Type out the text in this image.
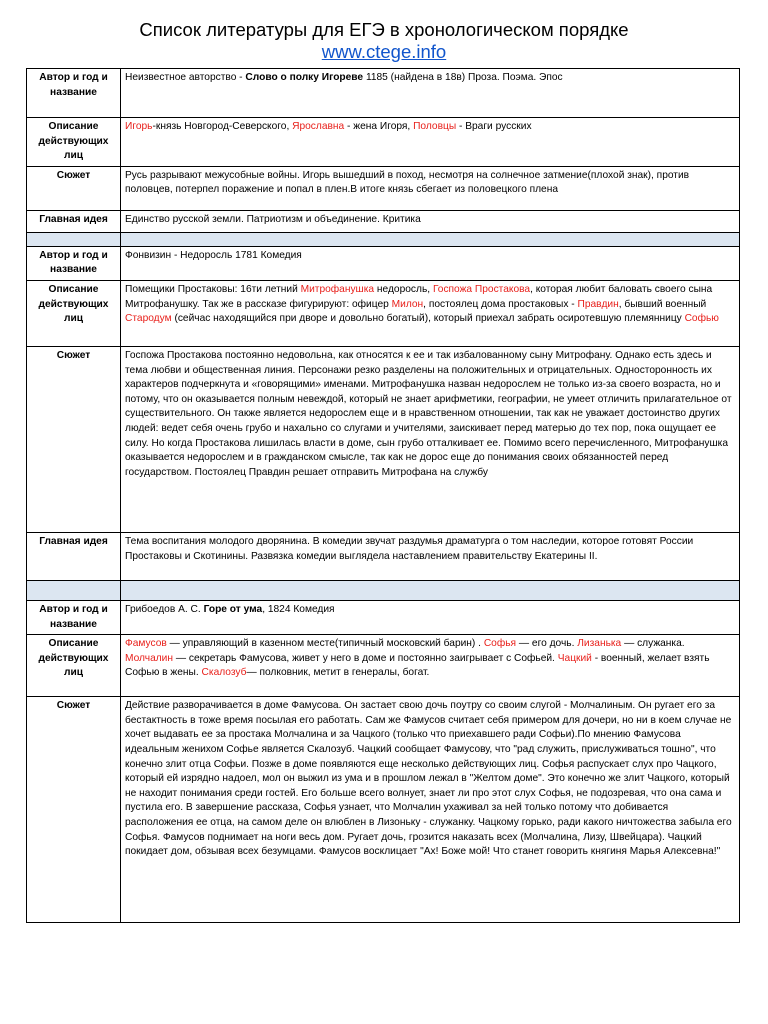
Список литературы для ЕГЭ в хронологическом порядке
www.ctege.info
Автор и год и название	Неизвестное авторство - Слово о полку Игореве 1185 (найдена в 18в) Проза. Поэма. Эпос
Описание действующих лиц	Игорь-князь Новгород-Северского, Ярославна - жена Игоря, Половцы - Враги русских
Сюжет	Русь разрывают межусобные войны. Игорь вышедший в поход, несмотря на солнечное затмение(плохой знак), против половцев, потерпел поражение и попал в плен.В итоге князь сбегает из половецкого плена
Главная идея	Единство русской земли. Патриотизм и объединение. Критика

Автор и год и название	Фонвизин - Недоросль 1781 Комедия
Описание действующих лиц	Помещики Простаковы: 16ти летний Митрофанушка недоросль, Госпожа Простакова, которая любит баловать своего сына Митрофанушку. Так же в рассказе фигурируют: офицер Милон, постоялец дома простаковых - Правдин, бывший военный Стародум (сейчас находящийся при дворе и довольно богатый), который приехал забрать осиротевшую племянницу Софью
Сюжет	Госпожа Простакова постоянно недовольна, как относятся к ее и так избалованному сыну Митрофану. Однако есть здесь и тема любви и общественная линия. Персонажи резко разделены на положительных и отрицательных. Односторонность их характеров подчеркнута и «говорящими» именами. Митрофанушка назван недорослем не только из-за своего возраста, но и потому, что он оказывается полным невеждой, который не знает арифметики, географии, не умеет отличить прилагательное от существительного. Он также является недорослем еще и в нравственном отношении, так как не уважает достоинство других людей: ведет себя очень грубо и нахально со слугами и учителями, заискивает перед матерью до тех пор, пока ощущает ее силу. Но когда Простакова лишилась власти в доме, сын грубо отталкивает ее. Помимо всего перечисленного, Митрофанушка оказывается недорослем и в гражданском смысле, так как не дорос еще до понимания своих обязанностей перед государством. Постоялец Правдин решает отправить Митрофана на службу
Главная идея	Тема воспитания молодого дворянина. В комедии звучат раздумья драматурга о том наследии, которое готовят России Простаковы и Скотинины. Развязка комедии выглядела наставлением правительству Екатерины II.

Автор и год и название	Грибоедов А. С. Горе от ума, 1824 Комедия
Описание действующих лиц	Фамусов — управляющий в казенном месте(типичный московский барин) . Софья — его дочь. Лизанька — служанка. Молчалин — секретарь Фамусова, живет у него в доме и постоянно заигрывает с Софьей. Чацкий - военный, желает взять Софью в жены. Скалозуб— полковник, метит в генералы, богат.
Сюжет	Действие разворачивается в доме Фамусова. Он застает свою дочь поутру со своим слугой - Молчалиным. Он ругает его за бестактность в тоже время посылая его работать. Сам же Фамусов считает себя примером для дочери, но ни в коем случае не хочет выдавать ее за простака Молчалина и за Чацкого (только что приехавшего ради Софьи).По мнению Фамусова идеальным женихом Софье является Скалозуб. Чацкий сообщает Фамусову, что "рад служить, прислуживаться тошно", что конечно злит отца Софьи. Позже в доме появляются еще несколько действующих лиц. Софья распускает слух про Чацкого, который ей изрядно надоел, мол он выжил из ума и в прошлом лежал в "Желтом доме". Это конечно же злит Чацкого, который не находит понимания среди гостей. Его больше всего волнует, знает ли про этот слух Софья, не подозревая, что она сама и пустила его. В завершение рассказа, Софья узнает, что Молчалин ухаживал за ней только потому что добивается расположения ее отца, на самом деле он влюблен в Лизоньку - служанку. Чацкому горько, ради какого ничтожества забыла его Софья. Фамусов поднимает на ноги весь дом. Ругает дочь, грозится наказать всех (Молчалина, Лизу, Швейцара). Чацкий покидает дом, обзывая всех безумцами. Фамусов восклицает "Ах! Боже мой! Что станет говорить княгиня Марья Алексевна!"
